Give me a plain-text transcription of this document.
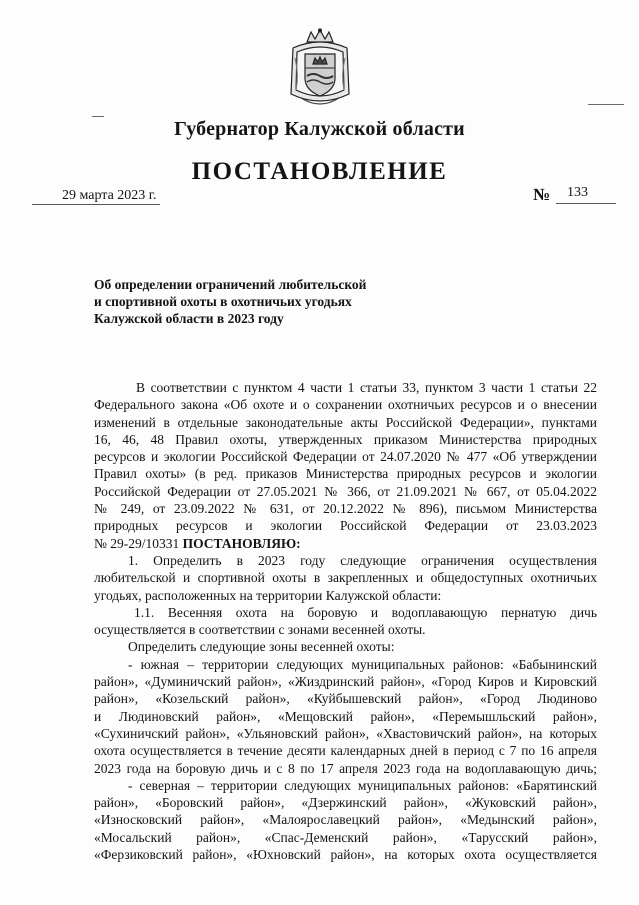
Губернатор Калужской области
ПОСТАНОВЛЕНИЕ
29 марта 2023 г.	№ 133
Об определении ограничений любительской
и спортивной охоты в охотничьих угодьях
Калужской области в 2023 году
В соответствии с пунктом 4 части 1 статьи 33, пунктом 3 части 1 статьи 22
Федерального закона «Об охоте и о сохранении охотничьих ресурсов и о внесении
изменений в отдельные законодательные акты Российской Федерации», пунктами
16, 46, 48 Правил охоты, утвержденных приказом Министерства природных
ресурсов и экологии Российской Федерации от 24.07.2020 № 477 «Об утверждении
Правил охоты» (в ред. приказов Министерства природных ресурсов и экологии
Российской Федерации от 27.05.2021 № 366, от 21.09.2021 № 667, от 05.04.2022
№ 249, от 23.09.2022 № 631, от 20.12.2022 № 896), письмом Министерства
природных ресурсов и экологии Российской Федерации от 23.03.2023
№ 29-29/10331 ПОСТАНОВЛЯЮ:
1. Определить в 2023 году следующие ограничения осуществления
любительской и спортивной охоты в закрепленных и общедоступных охотничьих
угодьях, расположенных на территории Калужской области:
1.1. Весенняя охота на боровую и водоплавающую пернатую дичь
осуществляется в соответствии с зонами весенней охоты.
Определить следующие зоны весенней охоты:
- южная – территории следующих муниципальных районов: «Бабынинский
район», «Думиничский район», «Жиздринский район», «Город Киров и Кировский
район», «Козельский район», «Куйбышевский район», «Город Людиново
и Людиновский район», «Мещовский район», «Перемышльский район»,
«Сухиничский район», «Ульяновский район», «Хвастовичский район», на которых
охота осуществляется в течение десяти календарных дней в период с 7 по 16 апреля
2023 года на боровую дичь и с 8 по 17 апреля 2023 года на водоплавающую дичь;
- северная – территории следующих муниципальных районов: «Барятинский
район», «Боровский район», «Дзержинский район», «Жуковский район»,
«Износковский район», «Малоярославецкий район», «Медынский район»,
«Мосальский район», «Спас-Деменский район», «Тарусский район»,
«Ферзиковский район», «Юхновский район», на которых охота осуществляется
